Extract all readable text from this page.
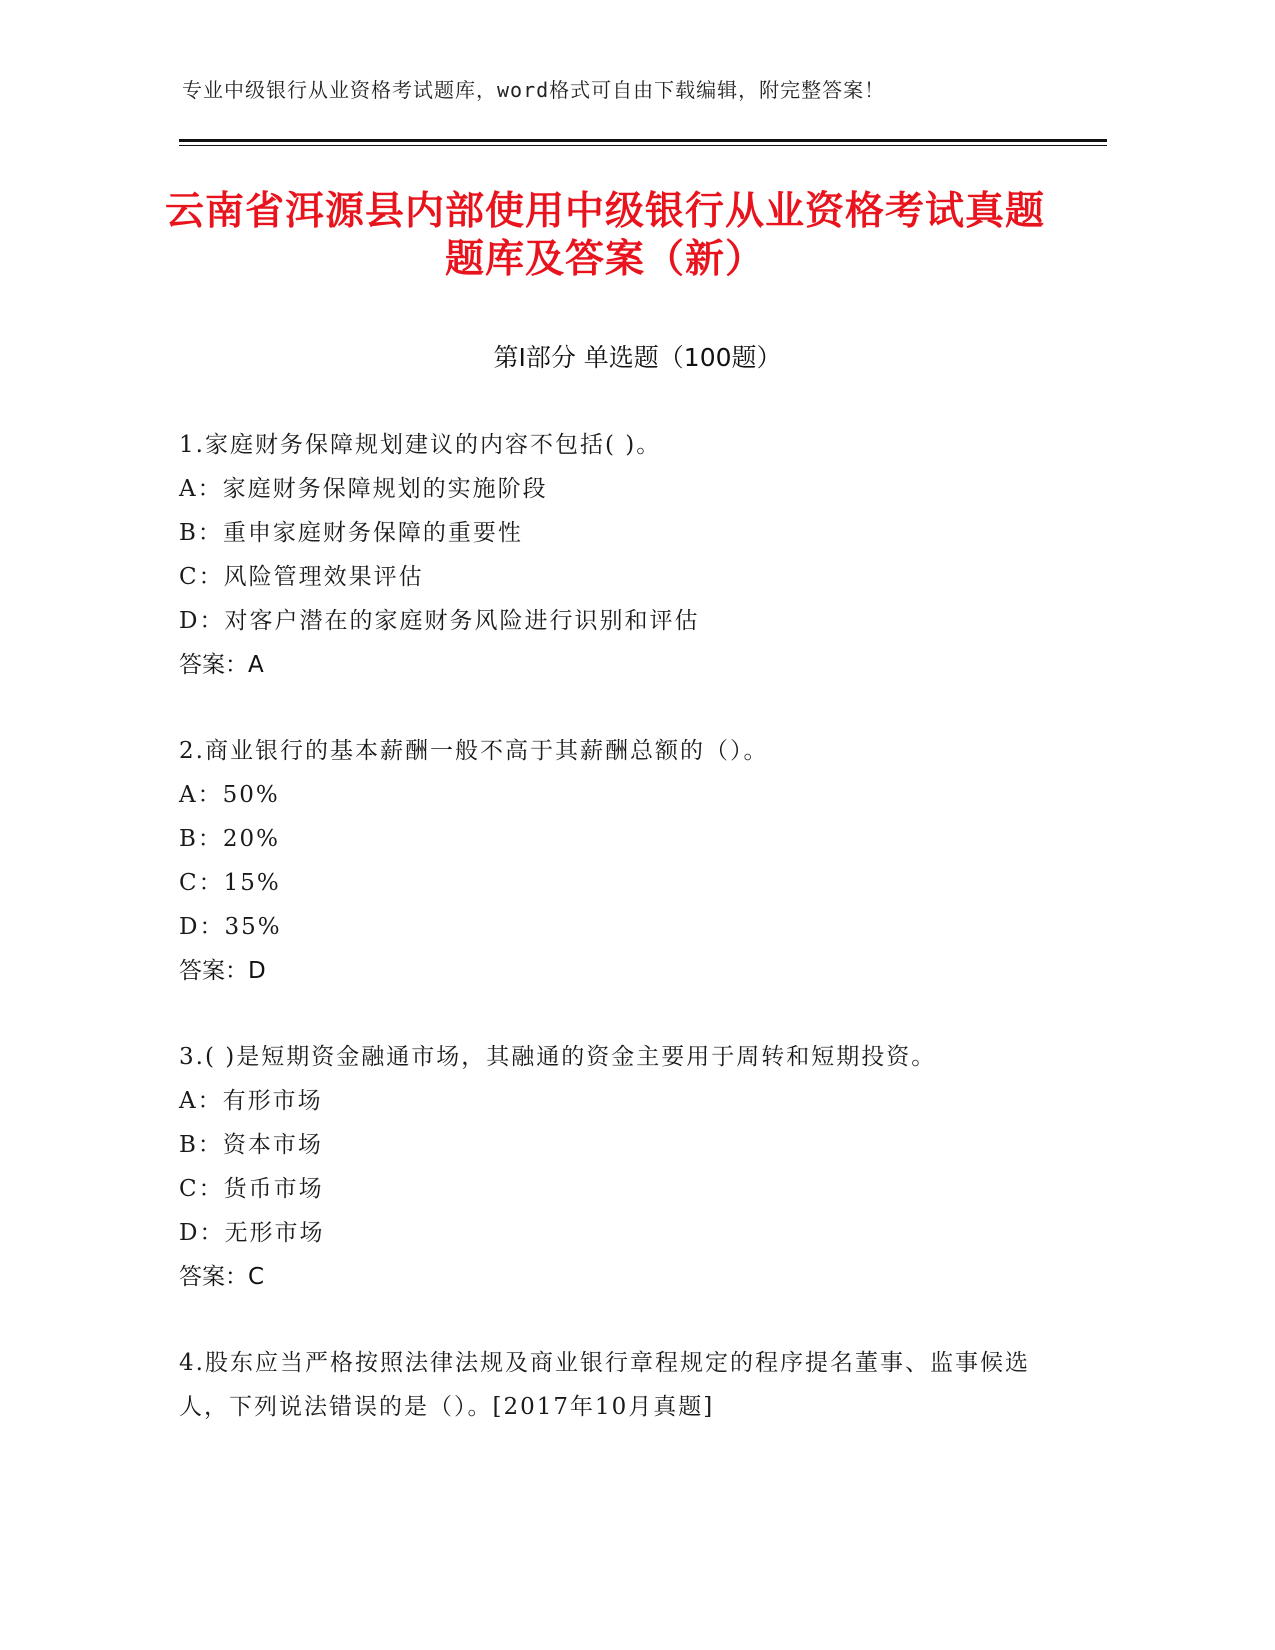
专业中级银行从业资格考试题库，word格式可自由下载编辑，附完整答案！
云南省洱源县内部使用中级银行从业资格考试真题题库及答案（新）
第Ⅰ部分 单选题（100题）
1.家庭财务保障规划建议的内容不包括( )。
A：家庭财务保障规划的实施阶段
B：重申家庭财务保障的重要性
C：风险管理效果评估
D：对客户潜在的家庭财务风险进行识别和评估
答案：A
2.商业银行的基本薪酬一般不高于其薪酬总额的（）。
A：50%
B：20%
C：15%
D：35%
答案：D
3.( )是短期资金融通市场，其融通的资金主要用于周转和短期投资。
A：有形市场
B：资本市场
C：货币市场
D：无形市场
答案：C
4.股东应当严格按照法律法规及商业银行章程规定的程序提名董事、监事候选人，下列说法错误的是（）。[2017年10月真题]
